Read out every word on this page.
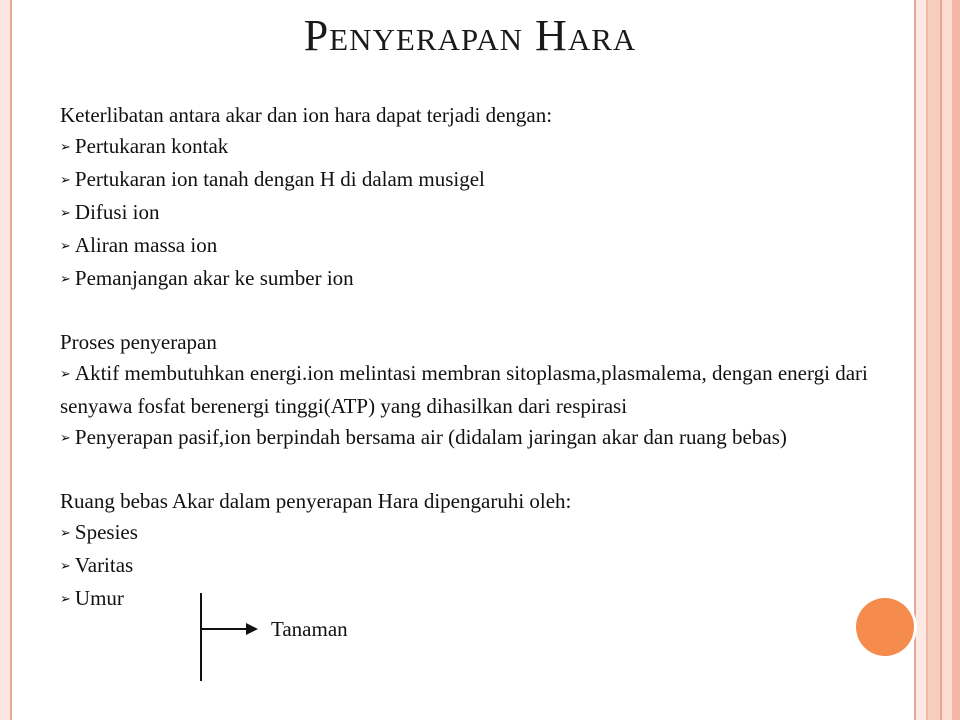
Penyerapan Hara

Keterlibatan antara akar dan ion hara dapat terjadi dengan:

➢ Pertukaran kontak

➢ Pertukaran ion tanah dengan H di dalam musigel

➢ Difusi ion

➢ Aliran massa ion

➢ Pemanjangan akar ke sumber ion

Proses penyerapan

➢ Aktif membutuhkan energi.ion melintasi membran sitoplasma,plasmalema, dengan energi dari senyawa fosfat berenergi tinggi(ATP) yang dihasilkan dari respirasi

➢ Penyerapan pasif,ion berpindah bersama air (didalam jaringan akar dan ruang bebas)

Ruang bebas Akar dalam penyerapan Hara dipengaruhi oleh:

➢ Spesies

➢ Varitas

➢ Umur

Tanaman
